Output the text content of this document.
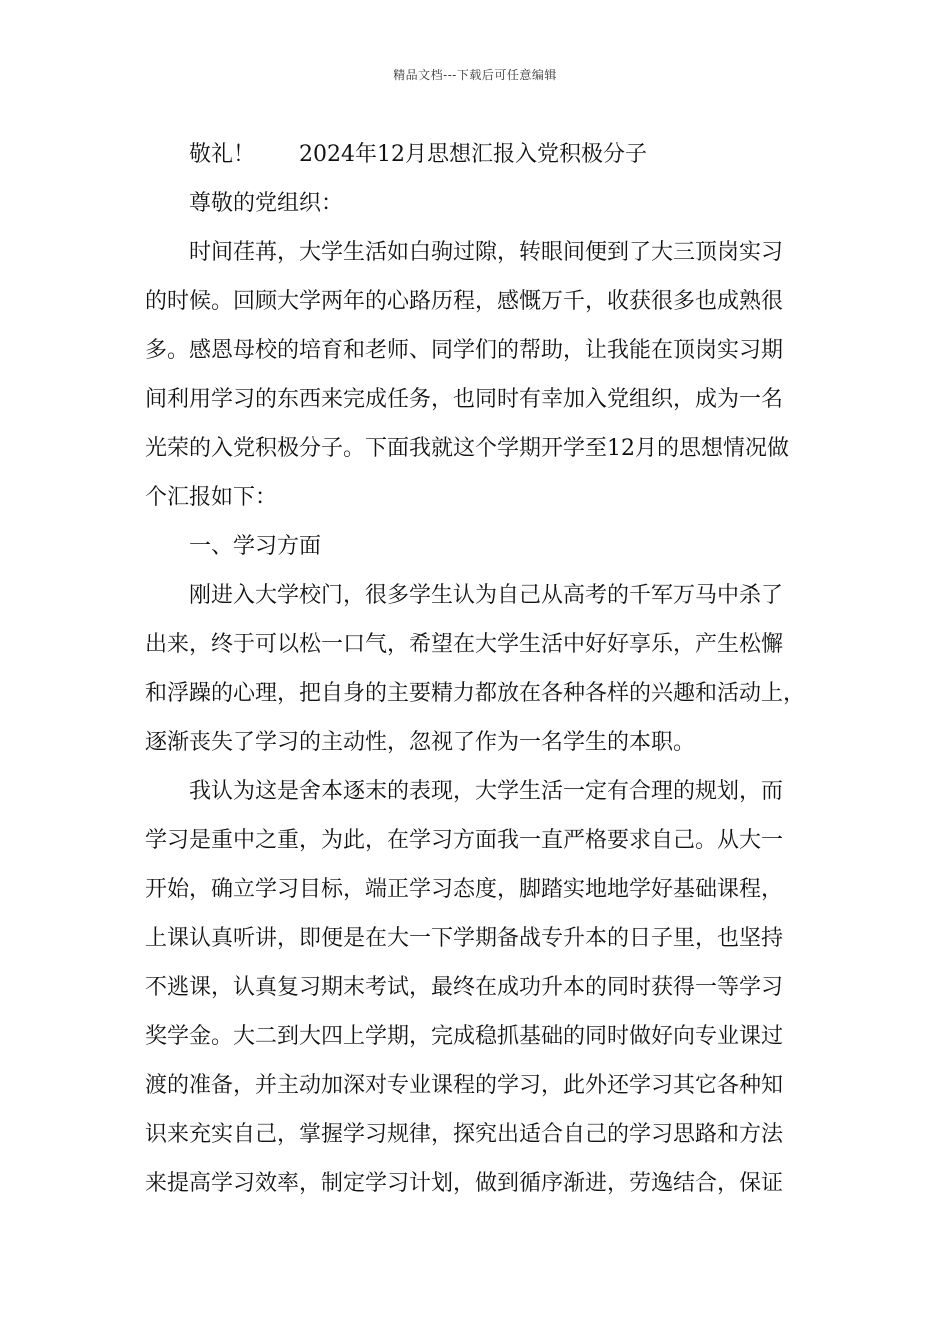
精品文档---下载后可任意编辑
敬礼！ 2024年12月思想汇报入党积极分子
尊敬的党组织：
时间荏苒，大学生活如白驹过隙，转眼间便到了大三顶岗实习
的时候。回顾大学两年的心路历程，感慨万千，收获很多也成熟很
多。感恩母校的培育和老师、同学们的帮助，让我能在顶岗实习期
间利用学习的东西来完成任务，也同时有幸加入党组织，成为一名
光荣的入党积极分子。下面我就这个学期开学至12月的思想情况做
个汇报如下：
一、学习方面
刚进入大学校门，很多学生认为自己从高考的千军万马中杀了
出来，终于可以松一口气，希望在大学生活中好好享乐，产生松懈
和浮躁的心理，把自身的主要精力都放在各种各样的兴趣和活动上，
逐渐丧失了学习的主动性，忽视了作为一名学生的本职。
我认为这是舍本逐末的表现，大学生活一定有合理的规划，而
学习是重中之重，为此，在学习方面我一直严格要求自己。从大一
开始，确立学习目标，端正学习态度，脚踏实地地学好基础课程，
上课认真听讲，即便是在大一下学期备战专升本的日子里，也坚持
不逃课，认真复习期末考试，最终在成功升本的同时获得一等学习
奖学金。大二到大四上学期，完成稳抓基础的同时做好向专业课过
渡的准备，并主动加深对专业课程的学习，此外还学习其它各种知
识来充实自己，掌握学习规律，探究出适合自己的学习思路和方法
来提高学习效率，制定学习计划，做到循序渐进，劳逸结合，保证
